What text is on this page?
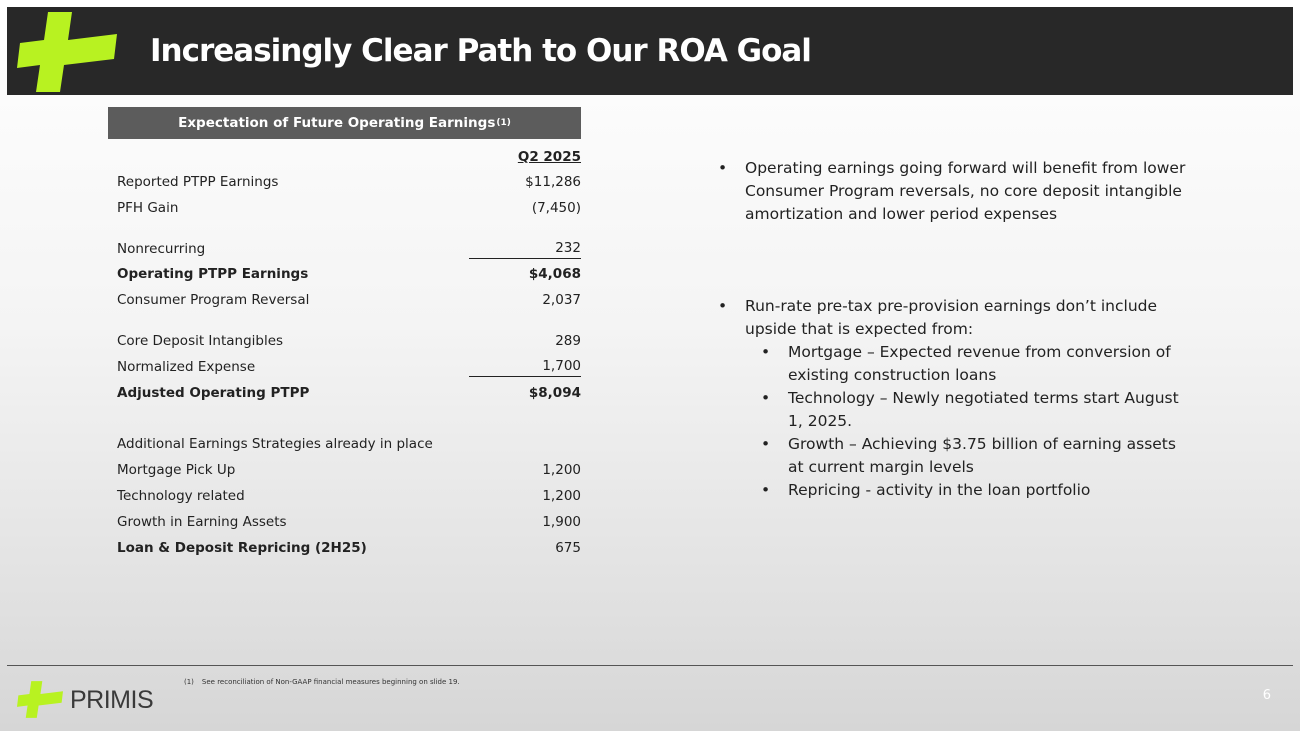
Increasingly Clear Path to Our ROA Goal
Expectation of Future Operating Earnings (1)
Q2 2025
Reported PTPP Earnings	$11,286
PFH Gain	(7,450)
Nonrecurring	232
Operating PTPP Earnings	$4,068
Consumer Program Reversal	2,037
Core Deposit Intangibles	289
Normalized Expense	1,700
Adjusted Operating PTPP	$8,094
Additional Earnings Strategies already in place
Mortgage Pick Up	1,200
Technology related	1,200
Growth in Earning Assets	1,900
Loan & Deposit Repricing (2H25)	675
• Operating earnings going forward will benefit from lower Consumer Program reversals, no core deposit intangible amortization and lower period expenses
• Run-rate pre-tax pre-provision earnings don’t include upside that is expected from:
• Mortgage – Expected revenue from conversion of existing construction loans
• Technology – Newly negotiated terms start August 1, 2025.
• Growth – Achieving $3.75 billion of earning assets at current margin levels
• Repricing - activity in the loan portfolio
(1) See reconciliation of Non-GAAP financial measures beginning on slide 19.
PRIMIS	6
